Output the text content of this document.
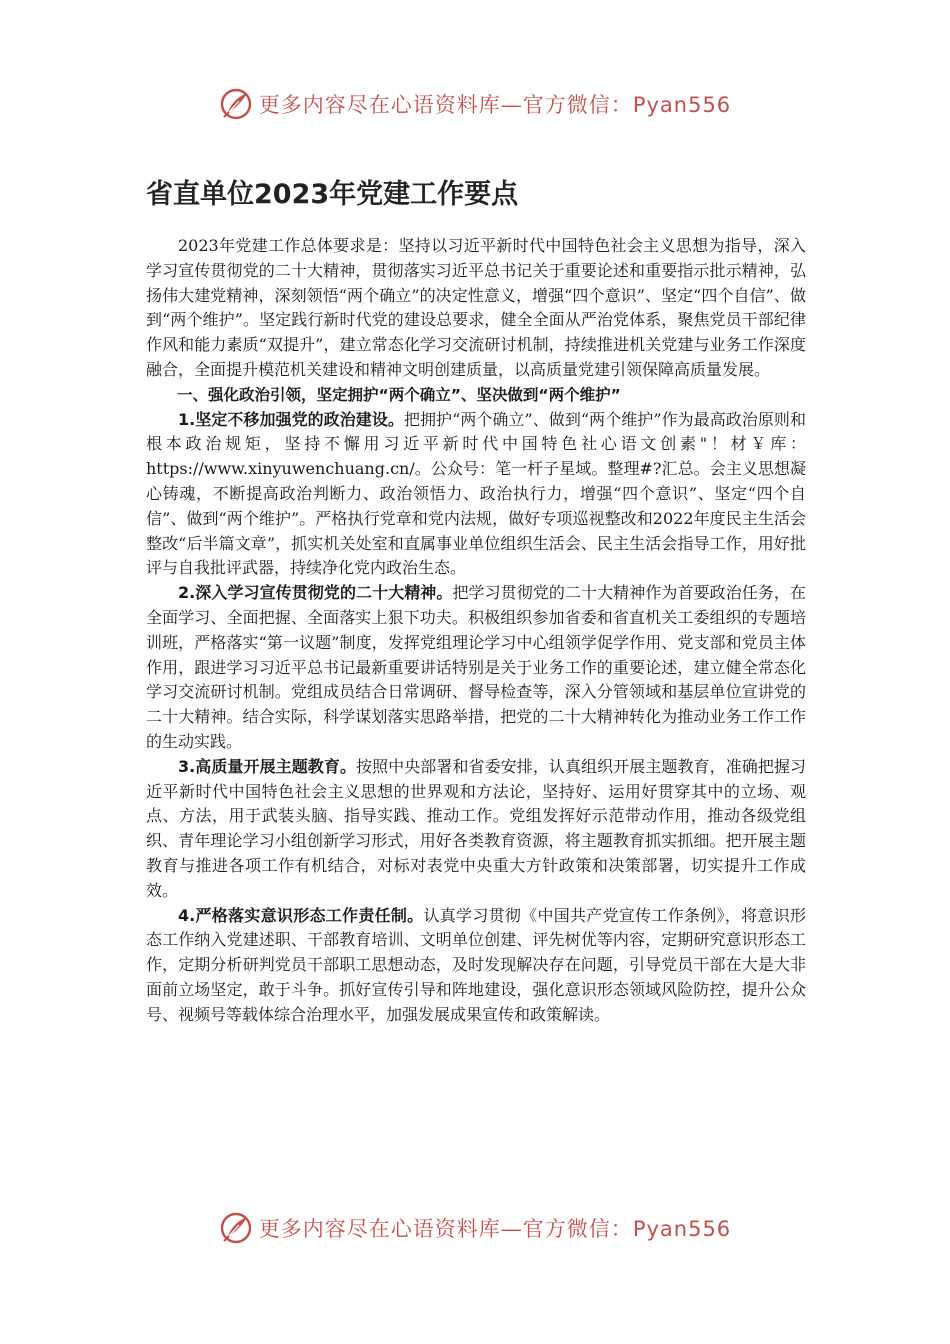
更多内容尽在心语资料库—官方微信：Pyan556
省直单位2023年党建工作要点

2023年党建工作总体要求是：坚持以习近平新时代中国特色社会主义思想为指导，深入学习宣传贯彻党的二十大精神，贯彻落实习近平总书记关于重要论述和重要指示批示精神，弘扬伟大建党精神，深刻领悟“两个确立”的决定性意义，增强“四个意识”、坚定“四个自信”、做到“两个维护”。坚定践行新时代党的建设总要求，健全全面从严治党体系，聚焦党员干部纪律作风和能力素质“双提升”，建立常态化学习交流研讨机制，持续推进机关党建与业务工作深度融合，全面提升模范机关建设和精神文明创建质量，以高质量党建引领保障高质量发展。

一、强化政治引领，坚定拥护“两个确立”、坚决做到“两个维护”

1.坚定不移加强党的政治建设。把拥护“两个确立”、做到“两个维护”作为最高政治原则和根本政治规矩，坚持不懈用习近平新时代中国特色社心语文创素"！材￥库：https://www.xinyuwenchuang.cn/。公众号：笔一杆子星域。整理#?汇总。会主义思想凝心铸魂，不断提高政治判断力、政治领悟力、政治执行力，增强“四个意识”、坚定“四个自信”、做到“两个维护”。严格执行党章和党内法规，做好专项巡视整改和2022年度民主生活会整改“后半篇文章”，抓实机关处室和直属事业单位组织生活会、民主生活会指导工作，用好批评与自我批评武器，持续净化党内政治生态。

2.深入学习宣传贯彻党的二十大精神。把学习贯彻党的二十大精神作为首要政治任务，在全面学习、全面把握、全面落实上狠下功夫。积极组织参加省委和省直机关工委组织的专题培训班，严格落实“第一议题”制度，发挥党组理论学习中心组领学促学作用、党支部和党员主体作用，跟进学习习近平总书记最新重要讲话特别是关于业务工作的重要论述，建立健全常态化学习交流研讨机制。党组成员结合日常调研、督导检查等，深入分管领域和基层单位宣讲党的二十大精神。结合实际，科学谋划落实思路举措，把党的二十大精神转化为推动业务工作工作的生动实践。

3.高质量开展主题教育。按照中央部署和省委安排，认真组织开展主题教育，准确把握习近平新时代中国特色社会主义思想的世界观和方法论，坚持好、运用好贯穿其中的立场、观点、方法，用于武装头脑、指导实践、推动工作。党组发挥好示范带动作用，推动各级党组织、青年理论学习小组创新学习形式，用好各类教育资源，将主题教育抓实抓细。把开展主题教育与推进各项工作有机结合，对标对表党中央重大方针政策和决策部署，切实提升工作成效。

4.严格落实意识形态工作责任制。认真学习贯彻《中国共产党宣传工作条例》，将意识形态工作纳入党建述职、干部教育培训、文明单位创建、评先树优等内容，定期研究意识形态工作，定期分析研判党员干部职工思想动态，及时发现解决存在问题，引导党员干部在大是大非面前立场坚定，敢于斗争。抓好宣传引导和阵地建设，强化意识形态领域风险防控，提升公众号、视频号等载体综合治理水平，加强发展成果宣传和政策解读。

更多内容尽在心语资料库—官方微信：Pyan556
